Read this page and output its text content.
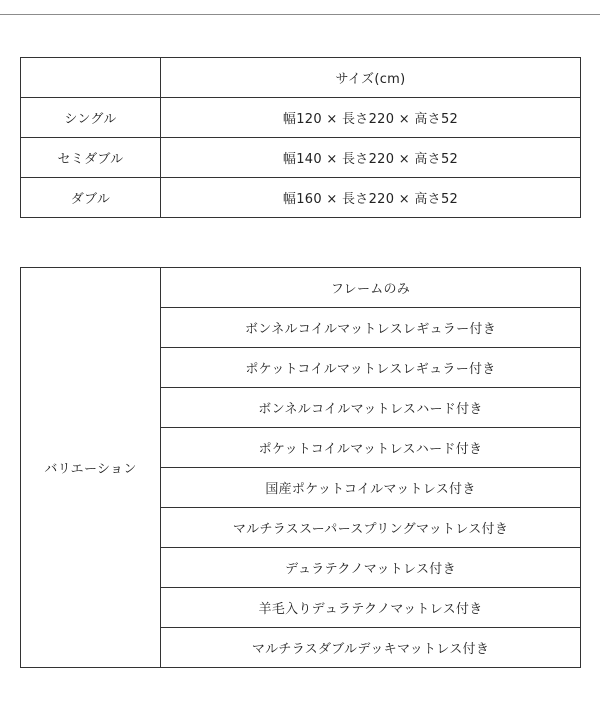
	サイズ(cm)
シングル	幅120 × 長さ220 × 高さ52
セミダブル	幅140 × 長さ220 × 高さ52
ダブル	幅160 × 長さ220 × 高さ52
バリエーション	フレームのみ
ボンネルコイルマットレスレギュラー付き
ポケットコイルマットレスレギュラー付き
ボンネルコイルマットレスハード付き
ポケットコイルマットレスハード付き
国産ポケットコイルマットレス付き
マルチラススーパースプリングマットレス付き
デュラテクノマットレス付き
羊毛入りデュラテクノマットレス付き
マルチラスダブルデッキマットレス付き
